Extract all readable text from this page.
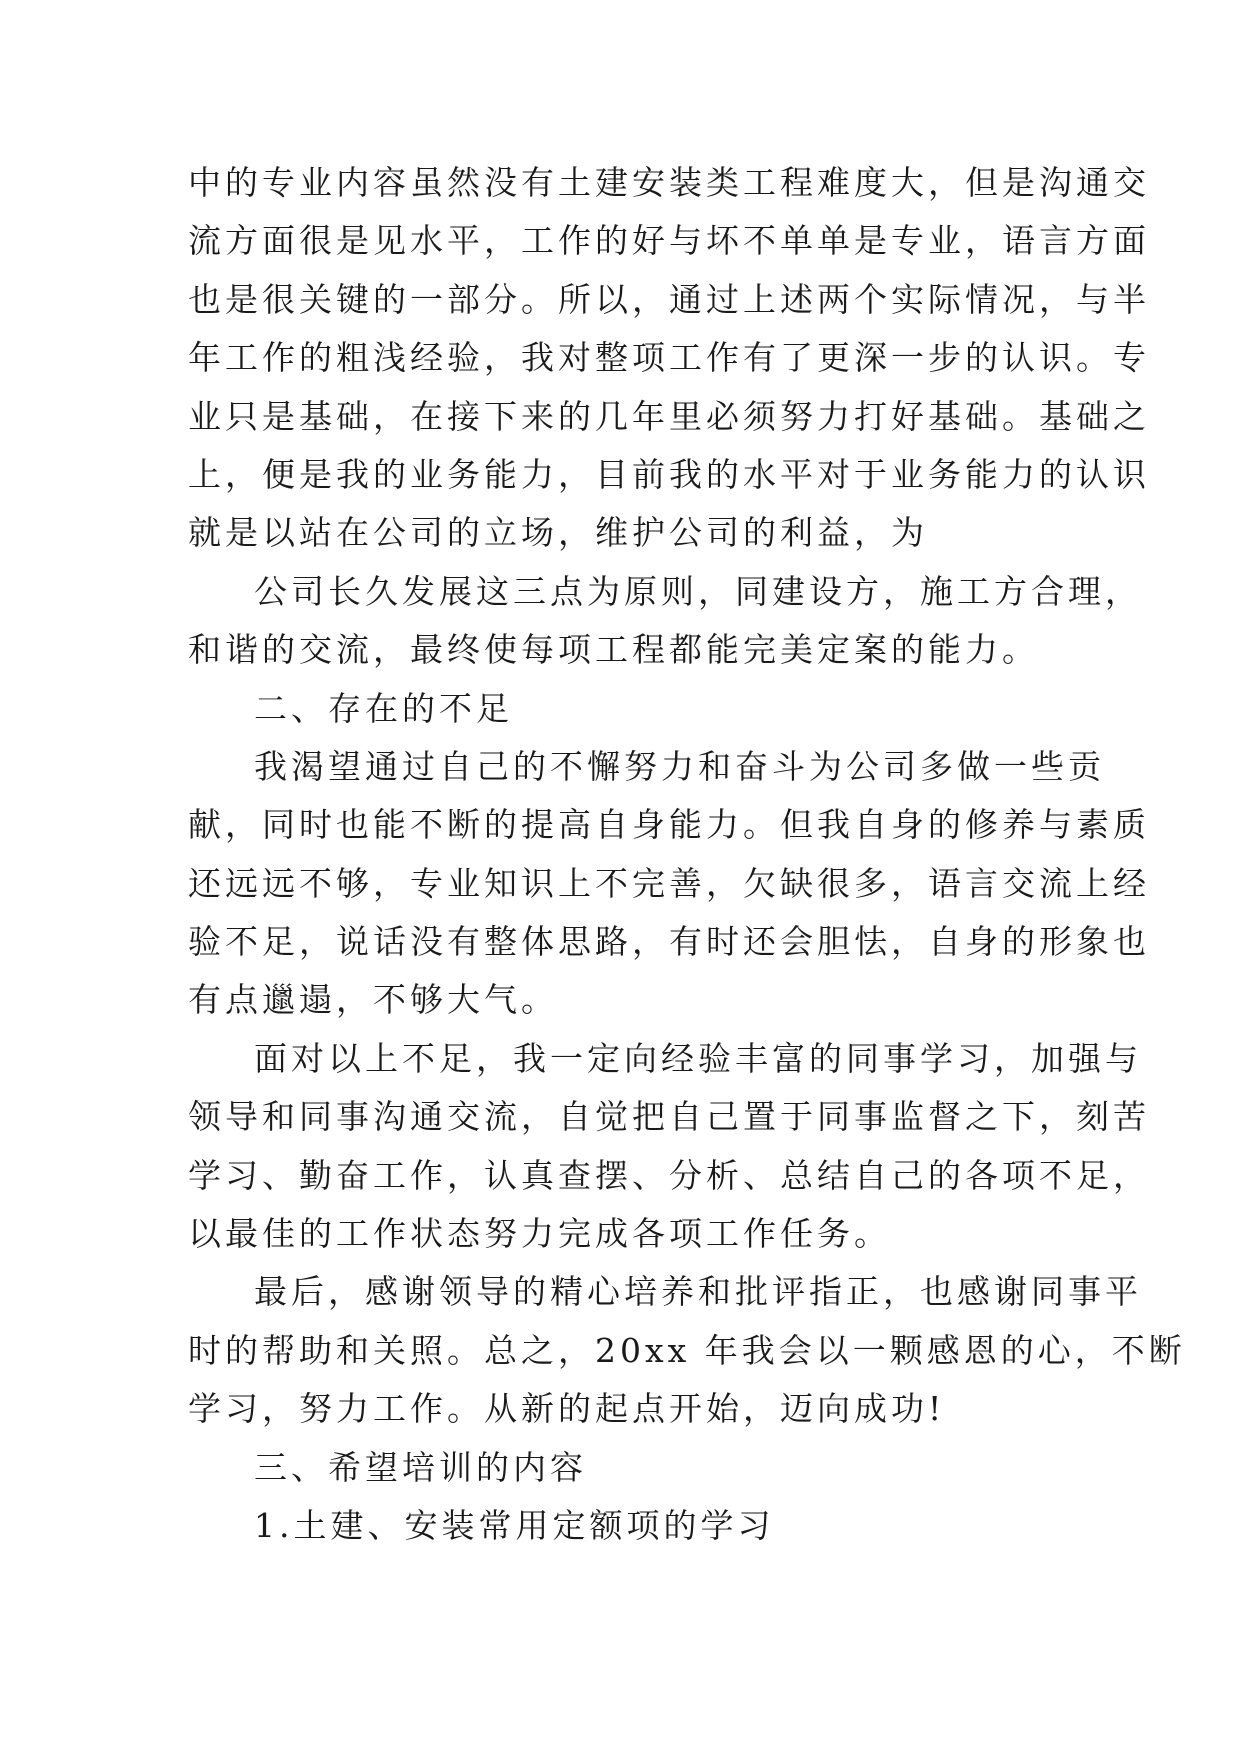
中的专业内容虽然没有土建安装类工程难度大，但是沟通交
流方面很是见水平，工作的好与坏不单单是专业，语言方面
也是很关键的一部分。所以，通过上述两个实际情况，与半
年工作的粗浅经验，我对整项工作有了更深一步的认识。专
业只是基础，在接下来的几年里必须努力打好基础。基础之
上，便是我的业务能力，目前我的水平对于业务能力的认识
就是以站在公司的立场，维护公司的利益，为
公司长久发展这三点为原则，同建设方，施工方合理，
和谐的交流，最终使每项工程都能完美定案的能力。
二、存在的不足
我渴望通过自己的不懈努力和奋斗为公司多做一些贡
献，同时也能不断的提高自身能力。但我自身的修养与素质
还远远不够，专业知识上不完善，欠缺很多，语言交流上经
验不足，说话没有整体思路，有时还会胆怯，自身的形象也
有点邋遢，不够大气。
面对以上不足，我一定向经验丰富的同事学习，加强与
领导和同事沟通交流，自觉把自己置于同事监督之下，刻苦
学习、勤奋工作，认真查摆、分析、总结自己的各项不足，
以最佳的工作状态努力完成各项工作任务。
最后，感谢领导的精心培养和批评指正，也感谢同事平
时的帮助和关照。总之，20xx 年我会以一颗感恩的心，不断
学习，努力工作。从新的起点开始，迈向成功!
三、希望培训的内容
1.土建、安装常用定额项的学习
